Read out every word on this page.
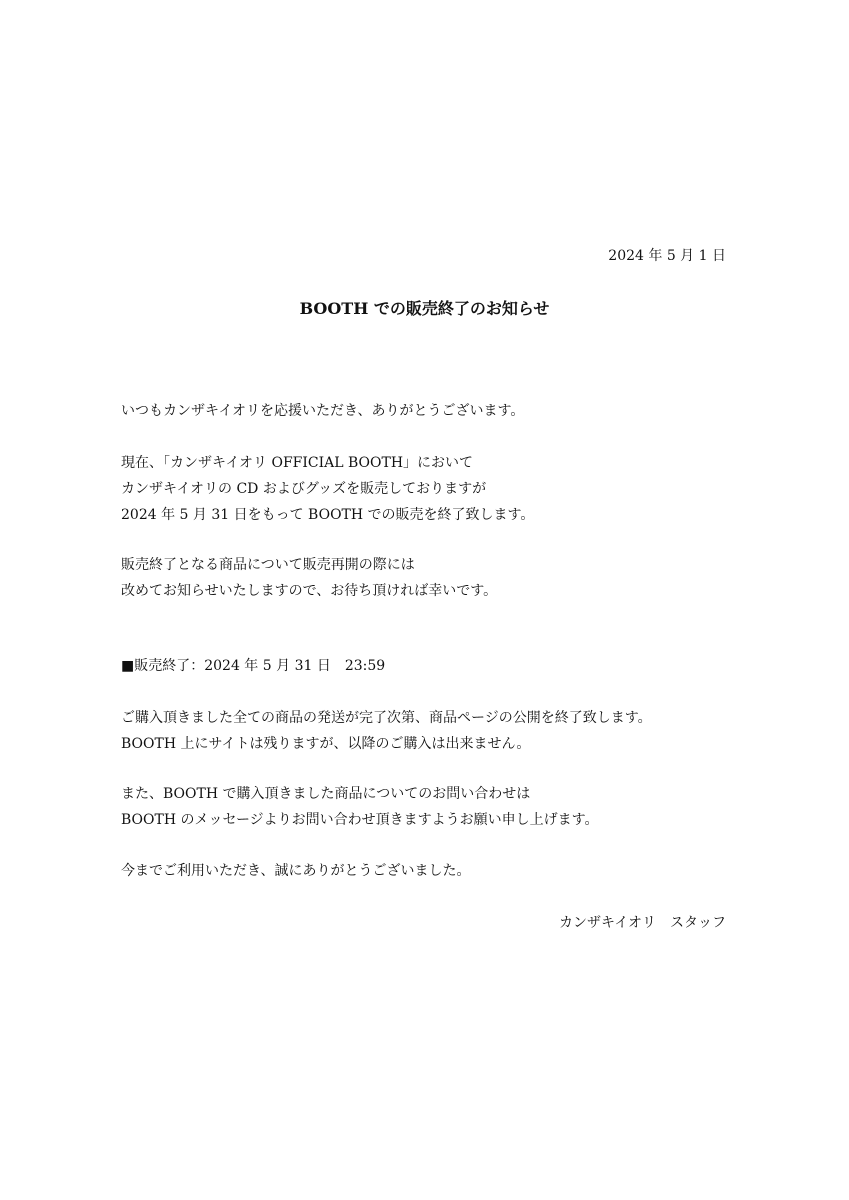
2024 年 5 月 1 日
BOOTH での販売終了のお知らせ
いつもカンザキイオリを応援いただき、ありがとうございます。
現在、「カンザキイオリ OFFICIAL BOOTH」において
カンザキイオリの CD およびグッズを販売しておりますが
2024 年 5 月 31 日をもって BOOTH での販売を終了致します。
販売終了となる商品について販売再開の際には
改めてお知らせいたしますので、お待ち頂ければ幸いです。
■販売終了：2024 年 5 月 31 日　23:59
ご購入頂きました全ての商品の発送が完了次第、商品ページの公開を終了致します。
BOOTH 上にサイトは残りますが、以降のご購入は出来ません。
また、BOOTH で購入頂きました商品についてのお問い合わせは
BOOTH のメッセージよりお問い合わせ頂きますようお願い申し上げます。
今までご利用いただき、誠にありがとうございました。
カンザキイオリ　スタッフ
